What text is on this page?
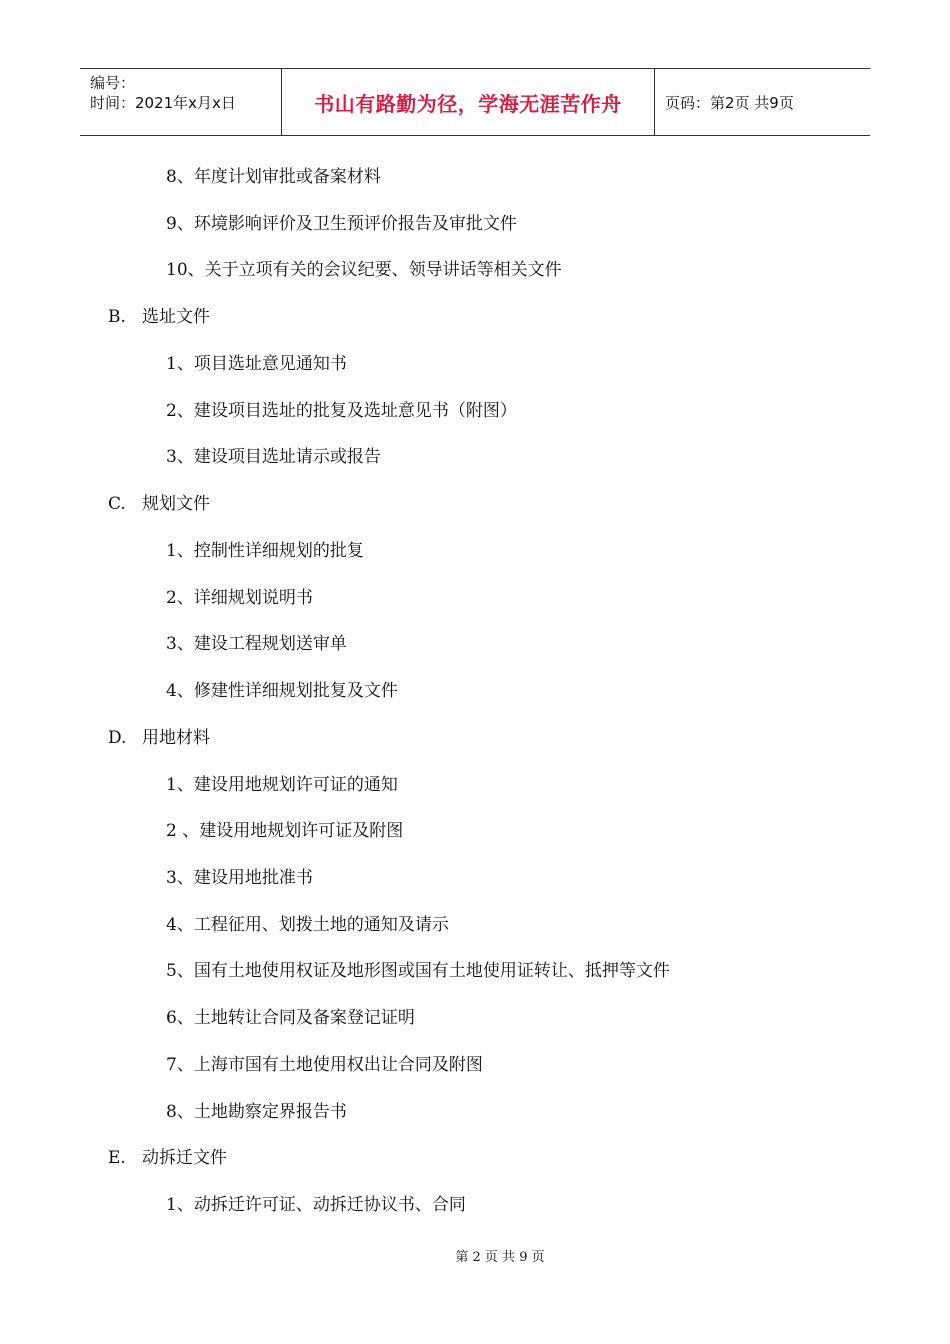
编号：
时间：2021年x月x日	书山有路勤为径，学海无涯苦作舟	页码：第2页 共9页
8、年度计划审批或备案材料
9、环境影响评价及卫生预评价报告及审批文件
10、关于立项有关的会议纪要、领导讲话等相关文件
B. 选址文件
1、项目选址意见通知书
2、建设项目选址的批复及选址意见书（附图）
3、建设项目选址请示或报告
C. 规划文件
1、控制性详细规划的批复
2、详细规划说明书
3、建设工程规划送审单
4、修建性详细规划批复及文件
D. 用地材料
1、建设用地规划许可证的通知
2 、建设用地规划许可证及附图
3、建设用地批准书
4、工程征用、划拨土地的通知及请示
5、国有土地使用权证及地形图或国有土地使用证转让、抵押等文件
6、土地转让合同及备案登记证明
7、上海市国有土地使用权出让合同及附图
8、土地勘察定界报告书
E. 动拆迁文件
1、动拆迁许可证、动拆迁协议书、合同
第 2 页 共 9 页
